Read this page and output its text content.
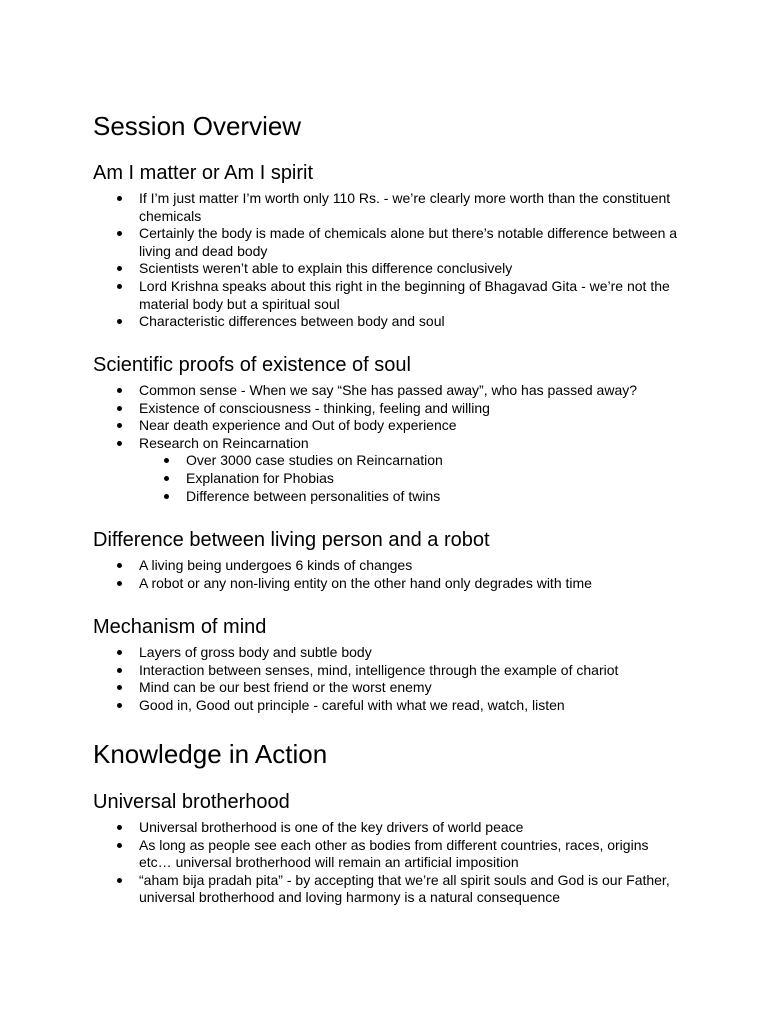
Session Overview
Am I matter or Am I spirit
If I’m just matter I’m worth only 110 Rs. - we’re clearly more worth than the constituent chemicals
Certainly the body is made of chemicals alone but there’s notable difference between a living and dead body
Scientists weren’t able to explain this difference conclusively
Lord Krishna speaks about this right in the beginning of Bhagavad Gita - we’re not the material body but a spiritual soul
Characteristic differences between body and soul
Scientific proofs of existence of soul
Common sense - When we say “She has passed away”, who has passed away?
Existence of consciousness - thinking, feeling and willing
Near death experience and Out of body experience
Research on Reincarnation
Over 3000 case studies on Reincarnation
Explanation for Phobias
Difference between personalities of twins
Difference between living person and a robot
A living being undergoes 6 kinds of changes
A robot or any non-living entity on the other hand only degrades with time
Mechanism of mind
Layers of gross body and subtle body
Interaction between senses, mind, intelligence through the example of chariot
Mind can be our best friend or the worst enemy
Good in, Good out principle - careful with what we read, watch, listen
Knowledge in Action
Universal brotherhood
Universal brotherhood is one of the key drivers of world peace
As long as people see each other as bodies from different countries, races, origins etc… universal brotherhood will remain an artificial imposition
“aham bija pradah pita” - by accepting that we’re all spirit souls and God is our Father, universal brotherhood and loving harmony is a natural consequence
